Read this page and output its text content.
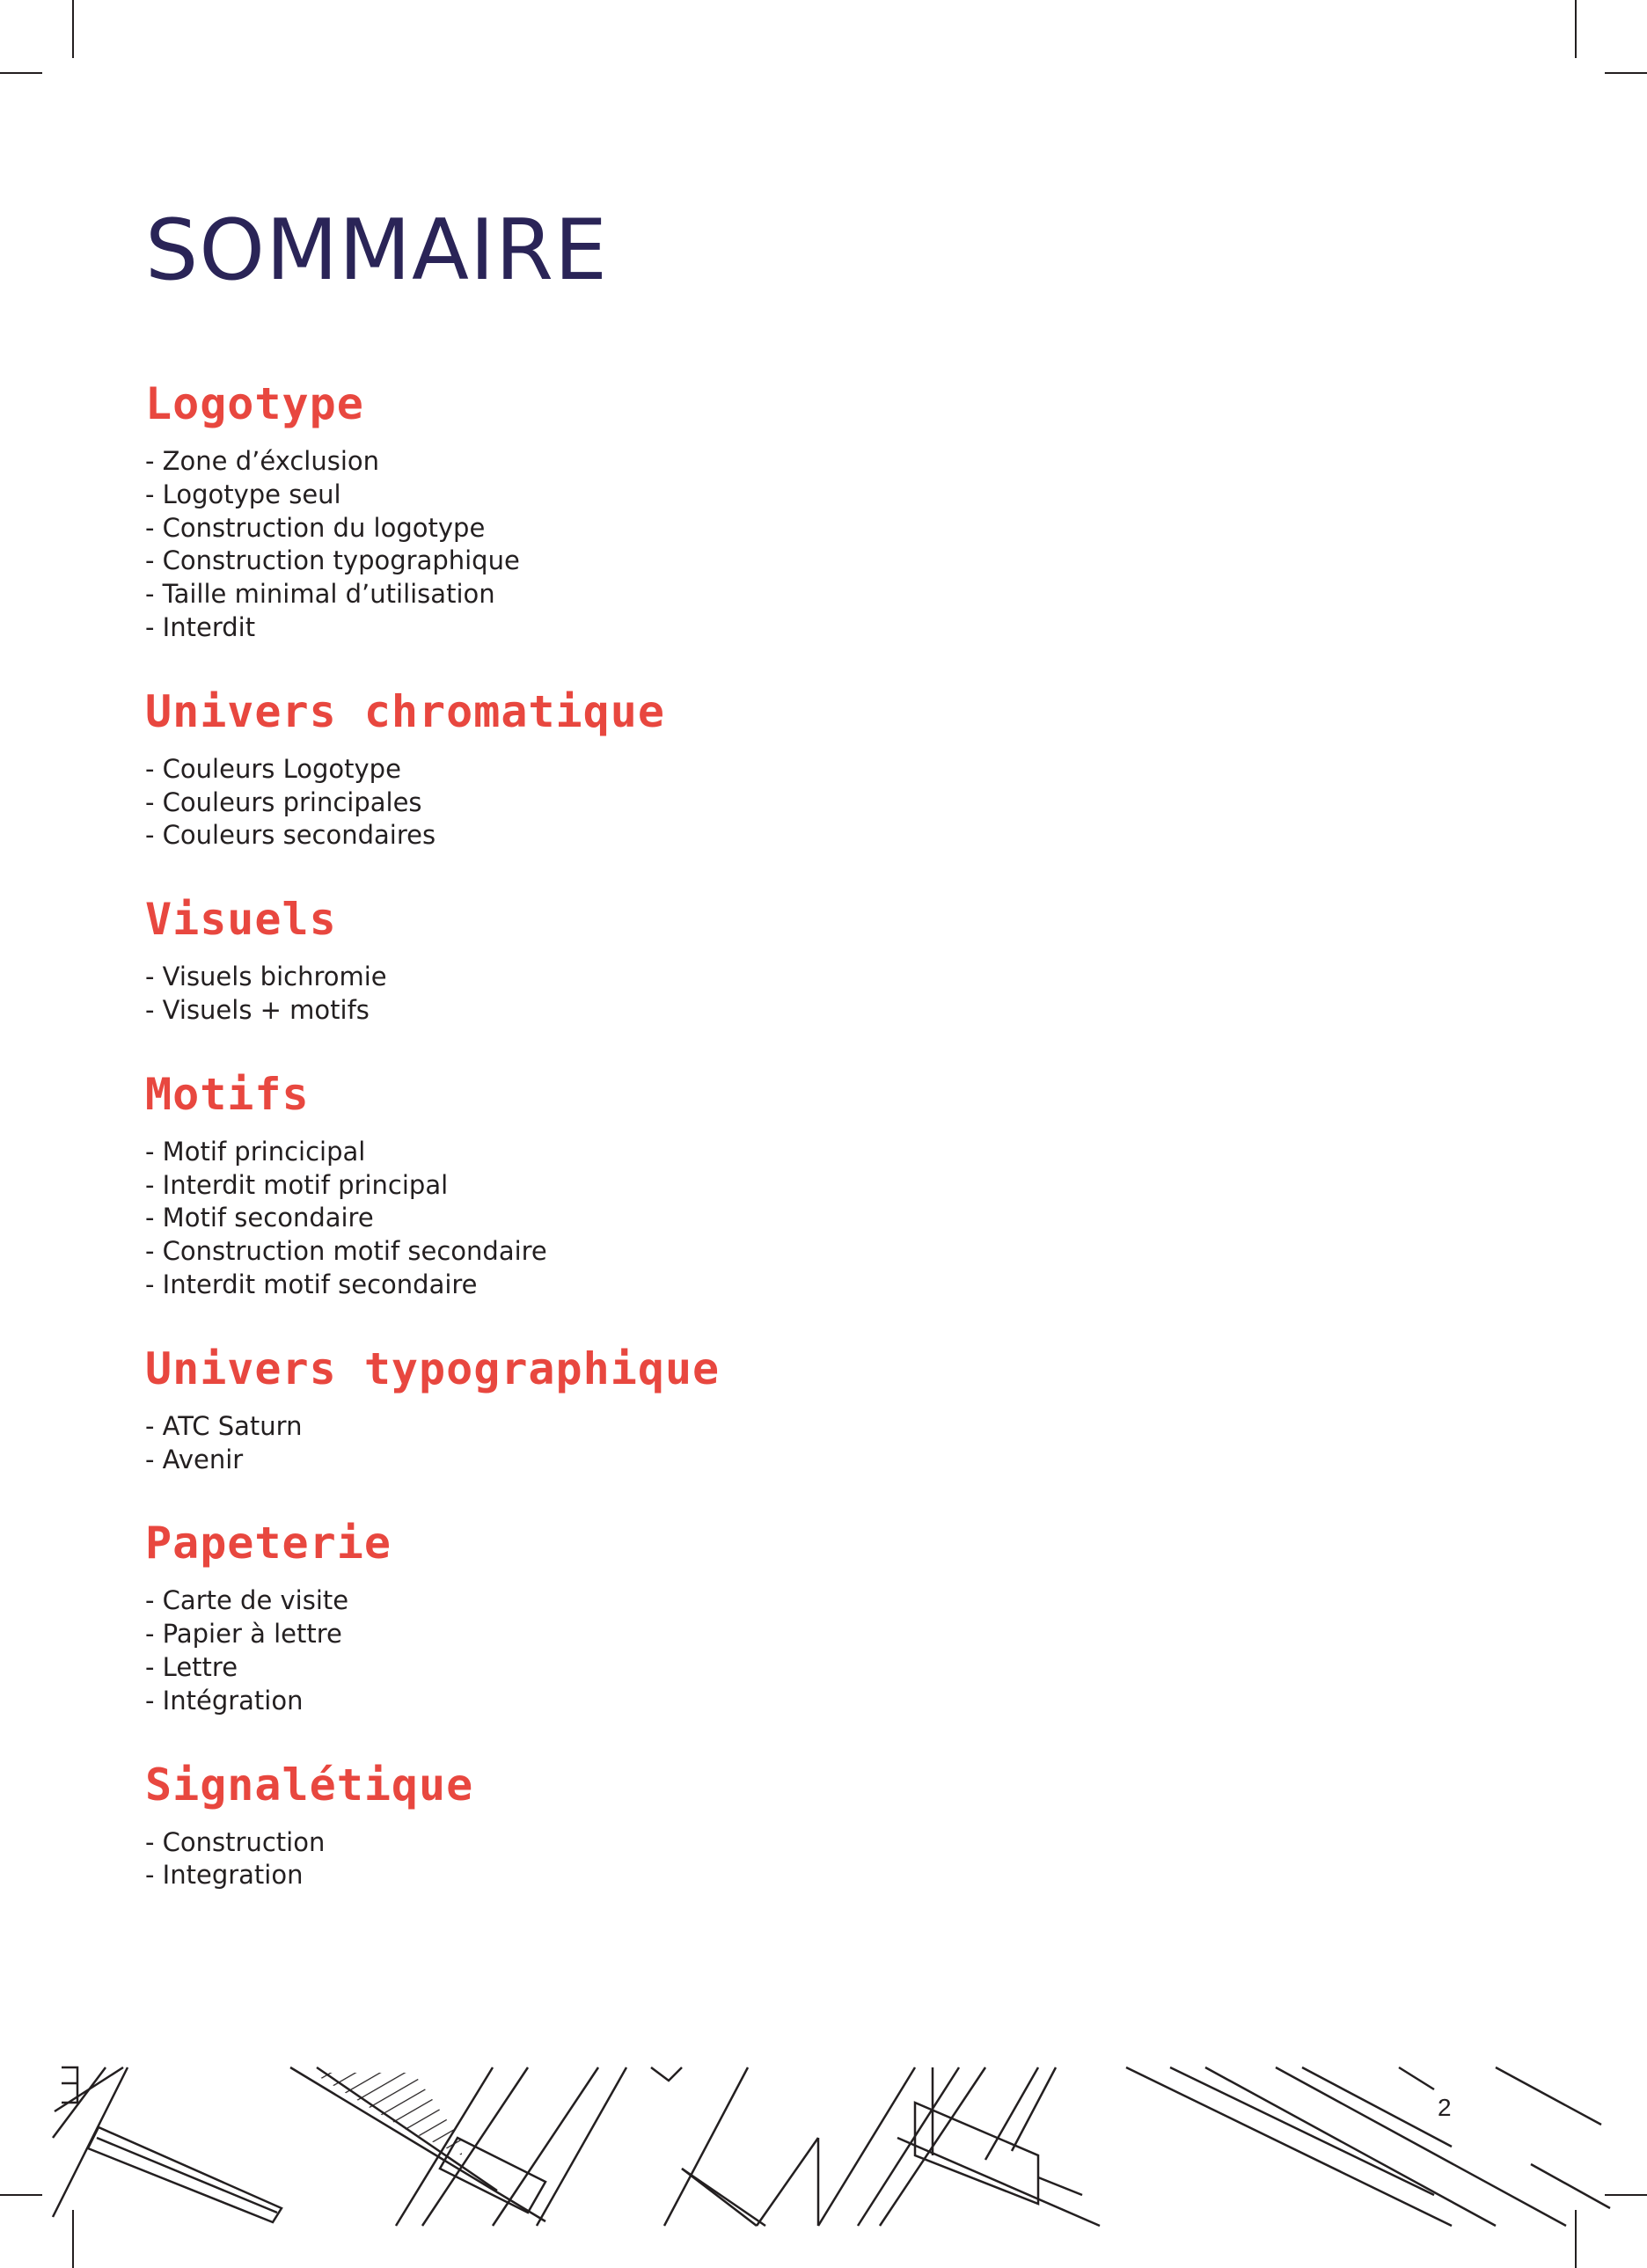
SOMMAIRE
Logotype
- Zone d’éxclusion
- Logotype seul
- Construction du logotype
- Construction typographique
- Taille minimal d’utilisation
- Interdit
Univers chromatique
- Couleurs Logotype
- Couleurs principales
- Couleurs secondaires
Visuels
- Visuels bichromie
- Visuels + motifs
Motifs
- Motif princicipal
- Interdit motif principal
- Motif secondaire
- Construction motif secondaire
- Interdit motif secondaire
Univers typographique
- ATC Saturn
- Avenir
Papeterie
- Carte de visite
- Papier à lettre
- Lettre
- Intégration
Signalétique
- Construction
- Integration
2
